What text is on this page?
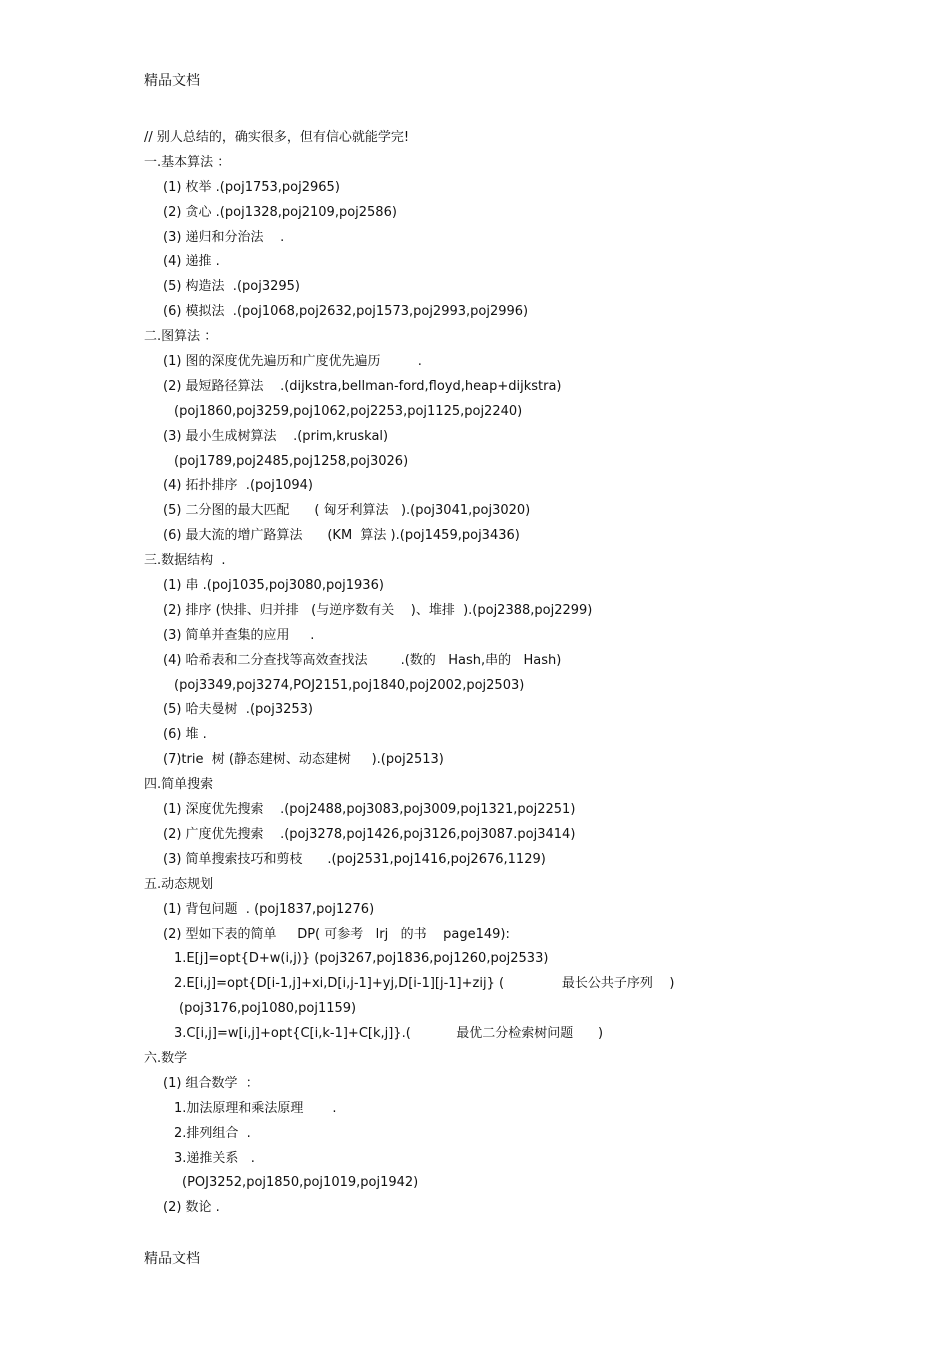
精品文档
// 别人总结的，确实很多，但有信心就能学完!
一.基本算法 ：
(1) 枚举 .(poj1753,poj2965)
(2) 贪心 .(poj1328,poj2109,poj2586)
(3) 递归和分治法    .
(4) 递推 .
(5) 构造法  .(poj3295)
(6) 模拟法  .(poj1068,poj2632,poj1573,poj2993,poj2996)
二.图算法 ：
(1) 图的深度优先遍历和广度优先遍历         .
(2) 最短路径算法    .(dijkstra,bellman-ford,floyd,heap+dijkstra)
(poj1860,poj3259,poj1062,poj2253,poj1125,poj2240)
(3) 最小生成树算法    .(prim,kruskal)
(poj1789,poj2485,poj1258,poj3026)
(4) 拓扑排序  .(poj1094)
(5) 二分图的最大匹配      ( 匈牙利算法   ).(poj3041,poj3020)
(6) 最大流的增广路算法      (KM  算法 ).(poj1459,poj3436)
三.数据结构  .
(1) 串 .(poj1035,poj3080,poj1936)
(2) 排序 (快排、归并排   (与逆序数有关    )、堆排  ).(poj2388,poj2299)
(3) 简单并查集的应用     .
(4) 哈希表和二分查找等高效查找法        .(数的   Hash,串的   Hash)
(poj3349,poj3274,POJ2151,poj1840,poj2002,poj2503)
(5) 哈夫曼树  .(poj3253)
(6) 堆 .
(7)trie  树 (静态建树、动态建树     ).(poj2513)
四.简单搜索
(1) 深度优先搜索    .(poj2488,poj3083,poj3009,poj1321,poj2251)
(2) 广度优先搜索    .(poj3278,poj1426,poj3126,poj3087.poj3414)
(3) 简单搜索技巧和剪枝      .(poj2531,poj1416,poj2676,1129)
五.动态规划
(1) 背包问题  . (poj1837,poj1276)
(2) 型如下表的简单     DP( 可参考   lrj   的书    page149):
1.E[j]=opt{D+w(i,j)} (poj3267,poj1836,poj1260,poj2533)
2.E[i,j]=opt{D[i-1,j]+xi,D[i,j-1]+yj,D[i-1][j-1]+zij} (              最长公共子序列    )
(poj3176,poj1080,poj1159)
3.C[i,j]=w[i,j]+opt{C[i,k-1]+C[k,j]}.(           最优二分检索树问题      )
六.数学
(1) 组合数学  ：
1.加法原理和乘法原理       .
2.排列组合  .
3.递推关系   .
(POJ3252,poj1850,poj1019,poj1942)
(2) 数论 .
精品文档
